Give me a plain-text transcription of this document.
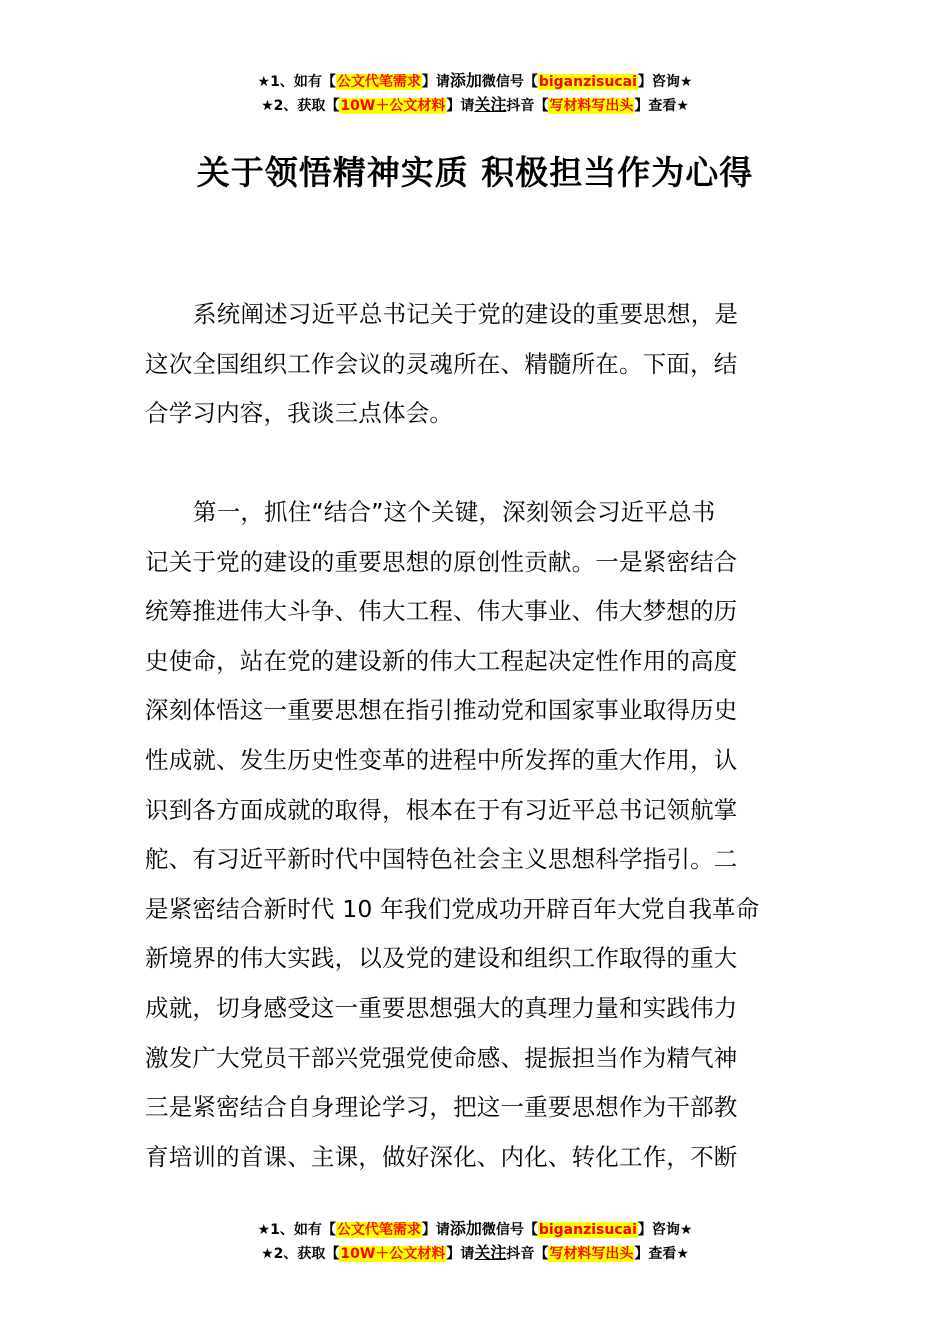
★1、如有【公文代笔需求】请添加微信号【biganzisucai】咨询★
★2、获取【10W＋公文材料】请关注抖音【写材料写出头】查看★
关于领悟精神实质 积极担当作为心得
系统阐述习近平总书记关于党的建设的重要思想，是
这次全国组织工作会议的灵魂所在、精髓所在。下面，结
合学习内容，我谈三点体会。
第一，抓住“结合”这个关键，深刻领会习近平总书
记关于党的建设的重要思想的原创性贡献。一是紧密结合
统筹推进伟大斗争、伟大工程、伟大事业、伟大梦想的历
史使命，站在党的建设新的伟大工程起决定性作用的高度
深刻体悟这一重要思想在指引推动党和国家事业取得历史
性成就、发生历史性变革的进程中所发挥的重大作用，认
识到各方面成就的取得，根本在于有习近平总书记领航掌
舵、有习近平新时代中国特色社会主义思想科学指引。二
是紧密结合新时代 10 年我们党成功开辟百年大党自我革命
新境界的伟大实践，以及党的建设和组织工作取得的重大
成就，切身感受这一重要思想强大的真理力量和实践伟力
激发广大党员干部兴党强党使命感、提振担当作为精气神
三是紧密结合自身理论学习，把这一重要思想作为干部教
育培训的首课、主课，做好深化、内化、转化工作，不断
★1、如有【公文代笔需求】请添加微信号【biganzisucai】咨询★
★2、获取【10W＋公文材料】请关注抖音【写材料写出头】查看★
